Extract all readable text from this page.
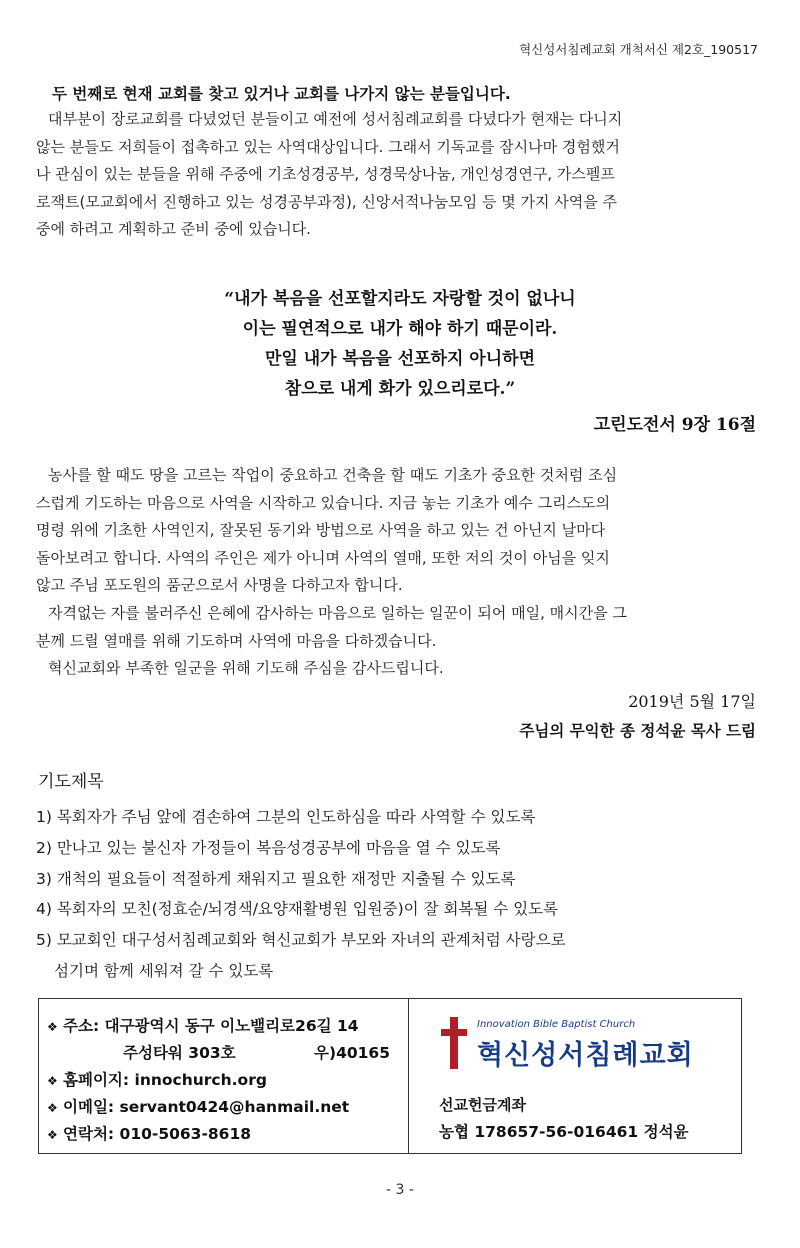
혁신성서침례교회 개척서신 제2호_190517
두 번째로 현재 교회를 찾고 있거나 교회를 나가지 않는 분들입니다.

대부분이 장로교회를 다녔었던 분들이고 예전에 성서침례교회를 다녔다가 현재는 다니지

않는 분들도 저희들이 접촉하고 있는 사역대상입니다. 그래서 기독교를 잠시나마 경험했거

나 관심이 있는 분들을 위해 주중에 기초성경공부, 성경묵상나눔, 개인성경연구, 가스펠프

로잭트(모교회에서 진행하고 있는 성경공부과정), 신앙서적나눔모임 등 몇 가지 사역을 주

중에 하려고 계획하고 준비 중에 있습니다.

“내가 복음을 선포할지라도 자랑할 것이 없나니
이는 필연적으로 내가 해야 하기 때문이라.
만일 내가 복음을 선포하지 아니하면
참으로 내게 화가 있으리로다.”
고린도전서 9장 16절

농사를 할 때도 땅을 고르는 작업이 중요하고 건축을 할 때도 기초가 중요한 것처럼 조심

스럽게 기도하는 마음으로 사역을 시작하고 있습니다. 지금 놓는 기초가 예수 그리스도의

명령 위에 기초한 사역인지, 잘못된 동기와 방법으로 사역을 하고 있는 건 아닌지 날마다

돌아보려고 합니다. 사역의 주인은 제가 아니며 사역의 열매, 또한 저의 것이 아님을 잊지

않고 주님 포도원의 품군으로서 사명을 다하고자 합니다.

자격없는 자를 불러주신 은혜에 감사하는 마음으로 일하는 일꾼이 되어 매일, 매시간을 그

분께 드릴 열매를 위해 기도하며 사역에 마음을 다하겠습니다.

혁신교회와 부족한 일군을 위해 기도해 주심을 감사드립니다.

2019년 5월 17일
주님의 무익한 종 정석윤 목사 드림
기도제목
1) 목회자가 주님 앞에 겸손하여 그분의 인도하심을 따라 사역할 수 있도록
2) 만나고 있는 불신자 가정들이 복음성경공부에 마음을 열 수 있도록
3) 개척의 필요들이 적절하게 채워지고 필요한 재정만 지출될 수 있도록
4) 목회자의 모친(정효순/뇌경색/요양재활병원 입원중)이 잘 회복될 수 있도록
5) 모교회인 대구성서침례교회와 혁신교회가 부모와 자녀의 관계처럼 사랑으로
섬기며 함께 세워져 갈 수 있도록
❖ 주소: 대구광역시 동구 이노밸리로26길 14
주성타워 303호	우)40165
❖ 홈페이지: innochurch.org
❖ 이메일: servant0424@hanmail.net
❖ 연락처: 010-5063-8618
Innovation Bible Baptist Church
혁신성서침례교회
선교헌금계좌
농협 178657-56-016461 정석윤
- 3 -
